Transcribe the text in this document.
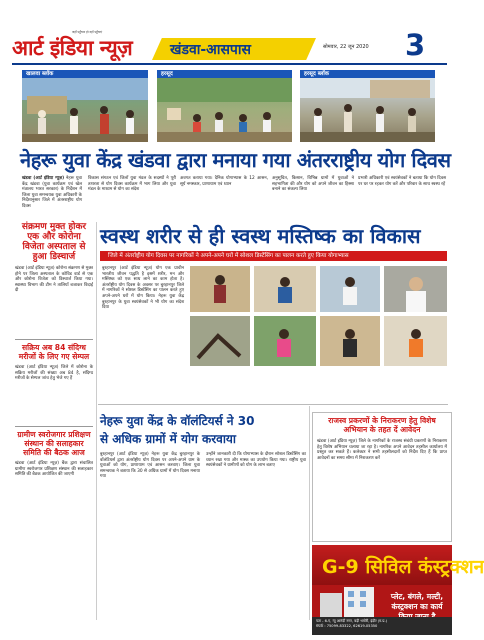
आर्ट इंडिया न्यूज़
जहाँ पहुँचना हो वहाँ पहुँचाएं
खंडवा-आसपास	सोमवार, 22 जून 2020 3
खालवा ब्लॉक	हरसूद	हरसूद ब्लॉक
नेहरू युवा केंद्र खंडवा द्वारा मनाया गया अंतरराष्ट्रीय योग दिवस
खंडवा (आर्ट इंडिया न्यूज़) नेहरू युवा केंद्र खंडवा (युवा कार्यक्रम एवं खेल मंत्रालय भारत सरकार) के निर्देशन में जिला युवा समन्वयक युवा अधिकारी के निर्देशानुसार जिले में अंतरराष्ट्रीय योग दिवस
विकास संगठन एवं जिलों युवा मंडल के सदस्यों ने पूरी तत्परता से योग दिवस कार्यक्रम में भाग लिया और युवा मंडल के माध्यम से योग का संदेश
अवगत कराया गया। दैनिक योगाभ्यास के 12 आसन, सूर्य नमस्कार, प्राणायाम एवं ध्यान
अनुसूचित, किसान, विभिन्न ग्रामों में युवाओं ने सहभागिता की और योग को अपने जीवन का हिस्सा बनाने का संकल्प लिया
प्रभारी अधिकारी एवं स्वयंसेवकों ने बताया कि योग दिवस पर घर पर रहकर योग करें और परिवार के साथ स्वस्थ रहें
संक्रमण मुक्त होकर एक और कोरोना विजेता अस्पताल से हुआ डिस्चार्ज
खंडवा (आर्ट इंडिया न्यूज़) कोरोना संक्रमण से मुक्त होने पर जिला अस्पताल के कोविड वार्ड से एक और कोरोना विजेता को डिस्चार्ज किया गया। स्वास्थ्य विभाग की टीम ने तालियाँ बजाकर विदाई दी
सक्रिय अब 84 संदिग्ध मरीजों के लिए गए सेम्पल
खंडवा (आर्ट इंडिया न्यूज़) जिले में कोरोना के सक्रिय मरीजों की संख्या अब 84 है, संदिग्ध मरीजों के सेम्पल जांच हेतु भेजे गए हैं
ग्रामीण स्वरोजगार प्रशिक्षण संस्थान की सलाहकार समिति की बैठक आज
खंडवा (आर्ट इंडिया न्यूज़) बैंक द्वारा संचालित ग्रामीण स्वरोजगार प्रशिक्षण संस्थान की सलाहकार समिति की बैठक आयोजित की जाएगी
स्वस्थ शरीर से ही स्वस्थ मस्तिष्क का विकास
जिले में अंतर्राष्ट्रीय योग दिवस पर नागरिकों ने अपने-अपने घरों में सोशल डिस्टेंसिंग का पालन करते हुए किया योगाभ्यास
बुरहानपुर (आर्ट इंडिया न्यूज़) योग एक प्राचीन भारतीय जीवन पद्धति है इसमें शरीर, मन और मस्तिष्क को एक साथ लाने का काम होता है। अंतर्राष्ट्रीय योग दिवस के अवसर पर बुरहानपुर जिले में नागरिकों ने सोशल डिस्टेंसिंग का पालन करते हुए अपने-अपने घरों में योग किया। नेहरू युवा केंद्र बुरहानपुर के युवा स्वयंसेवकों ने भी योग का संदेश दिया
नेहरू युवा केंद्र के वॉलंटियर्स ने 30
से अधिक ग्रामों में योग करवाया
बुरहानपुर (आर्ट इंडिया न्यूज़) नेहरू युवा केंद्र बुरहानपुर के वॉलंटियर्स द्वारा अंतर्राष्ट्रीय योग दिवस पर अपने-अपने ग्राम के युवाओं को योग, प्राणायाम एवं आसन करवाए। जिला युवा समन्वयक ने बताया कि 30 से अधिक ग्रामों में योग दिवस मनाया गया
उन्होंने जानकारी दी कि योगाभ्यास के दौरान सोशल डिस्टेंसिंग का ध्यान रखा गया और मास्क का उपयोग किया गया। राष्ट्रीय युवा स्वयंसेवकों ने ग्रामीणों को योग के लाभ बताए
राजस्व प्रकरणों के निराकरण हेतु विशेष अभियान के तहत दें आवेदन
खंडवा (आर्ट इंडिया न्यूज़) जिले के नागरिकों के राजस्व संबंधी प्रकरणों के निराकरण हेतु विशेष अभियान चलाया जा रहा है। नागरिक अपने आवेदन तहसील कार्यालय में प्रस्तुत कर सकते हैं। कलेक्टर ने सभी तहसीलदारों को निर्देश दिए हैं कि प्राप्त आवेदनों का समय सीमा में निराकरण करें
G-9 सिविल कंस्ट्रक्शन
प्लेट, बंगले, मल्टी, कंस्ट्रक्शन का कार्य
पता - 6-ए, न्यू आनंदी नगर, बड़ी भमोरी, इंदौर (म.प्र.)
संपर्क : 75099-83322, 62619-05350
